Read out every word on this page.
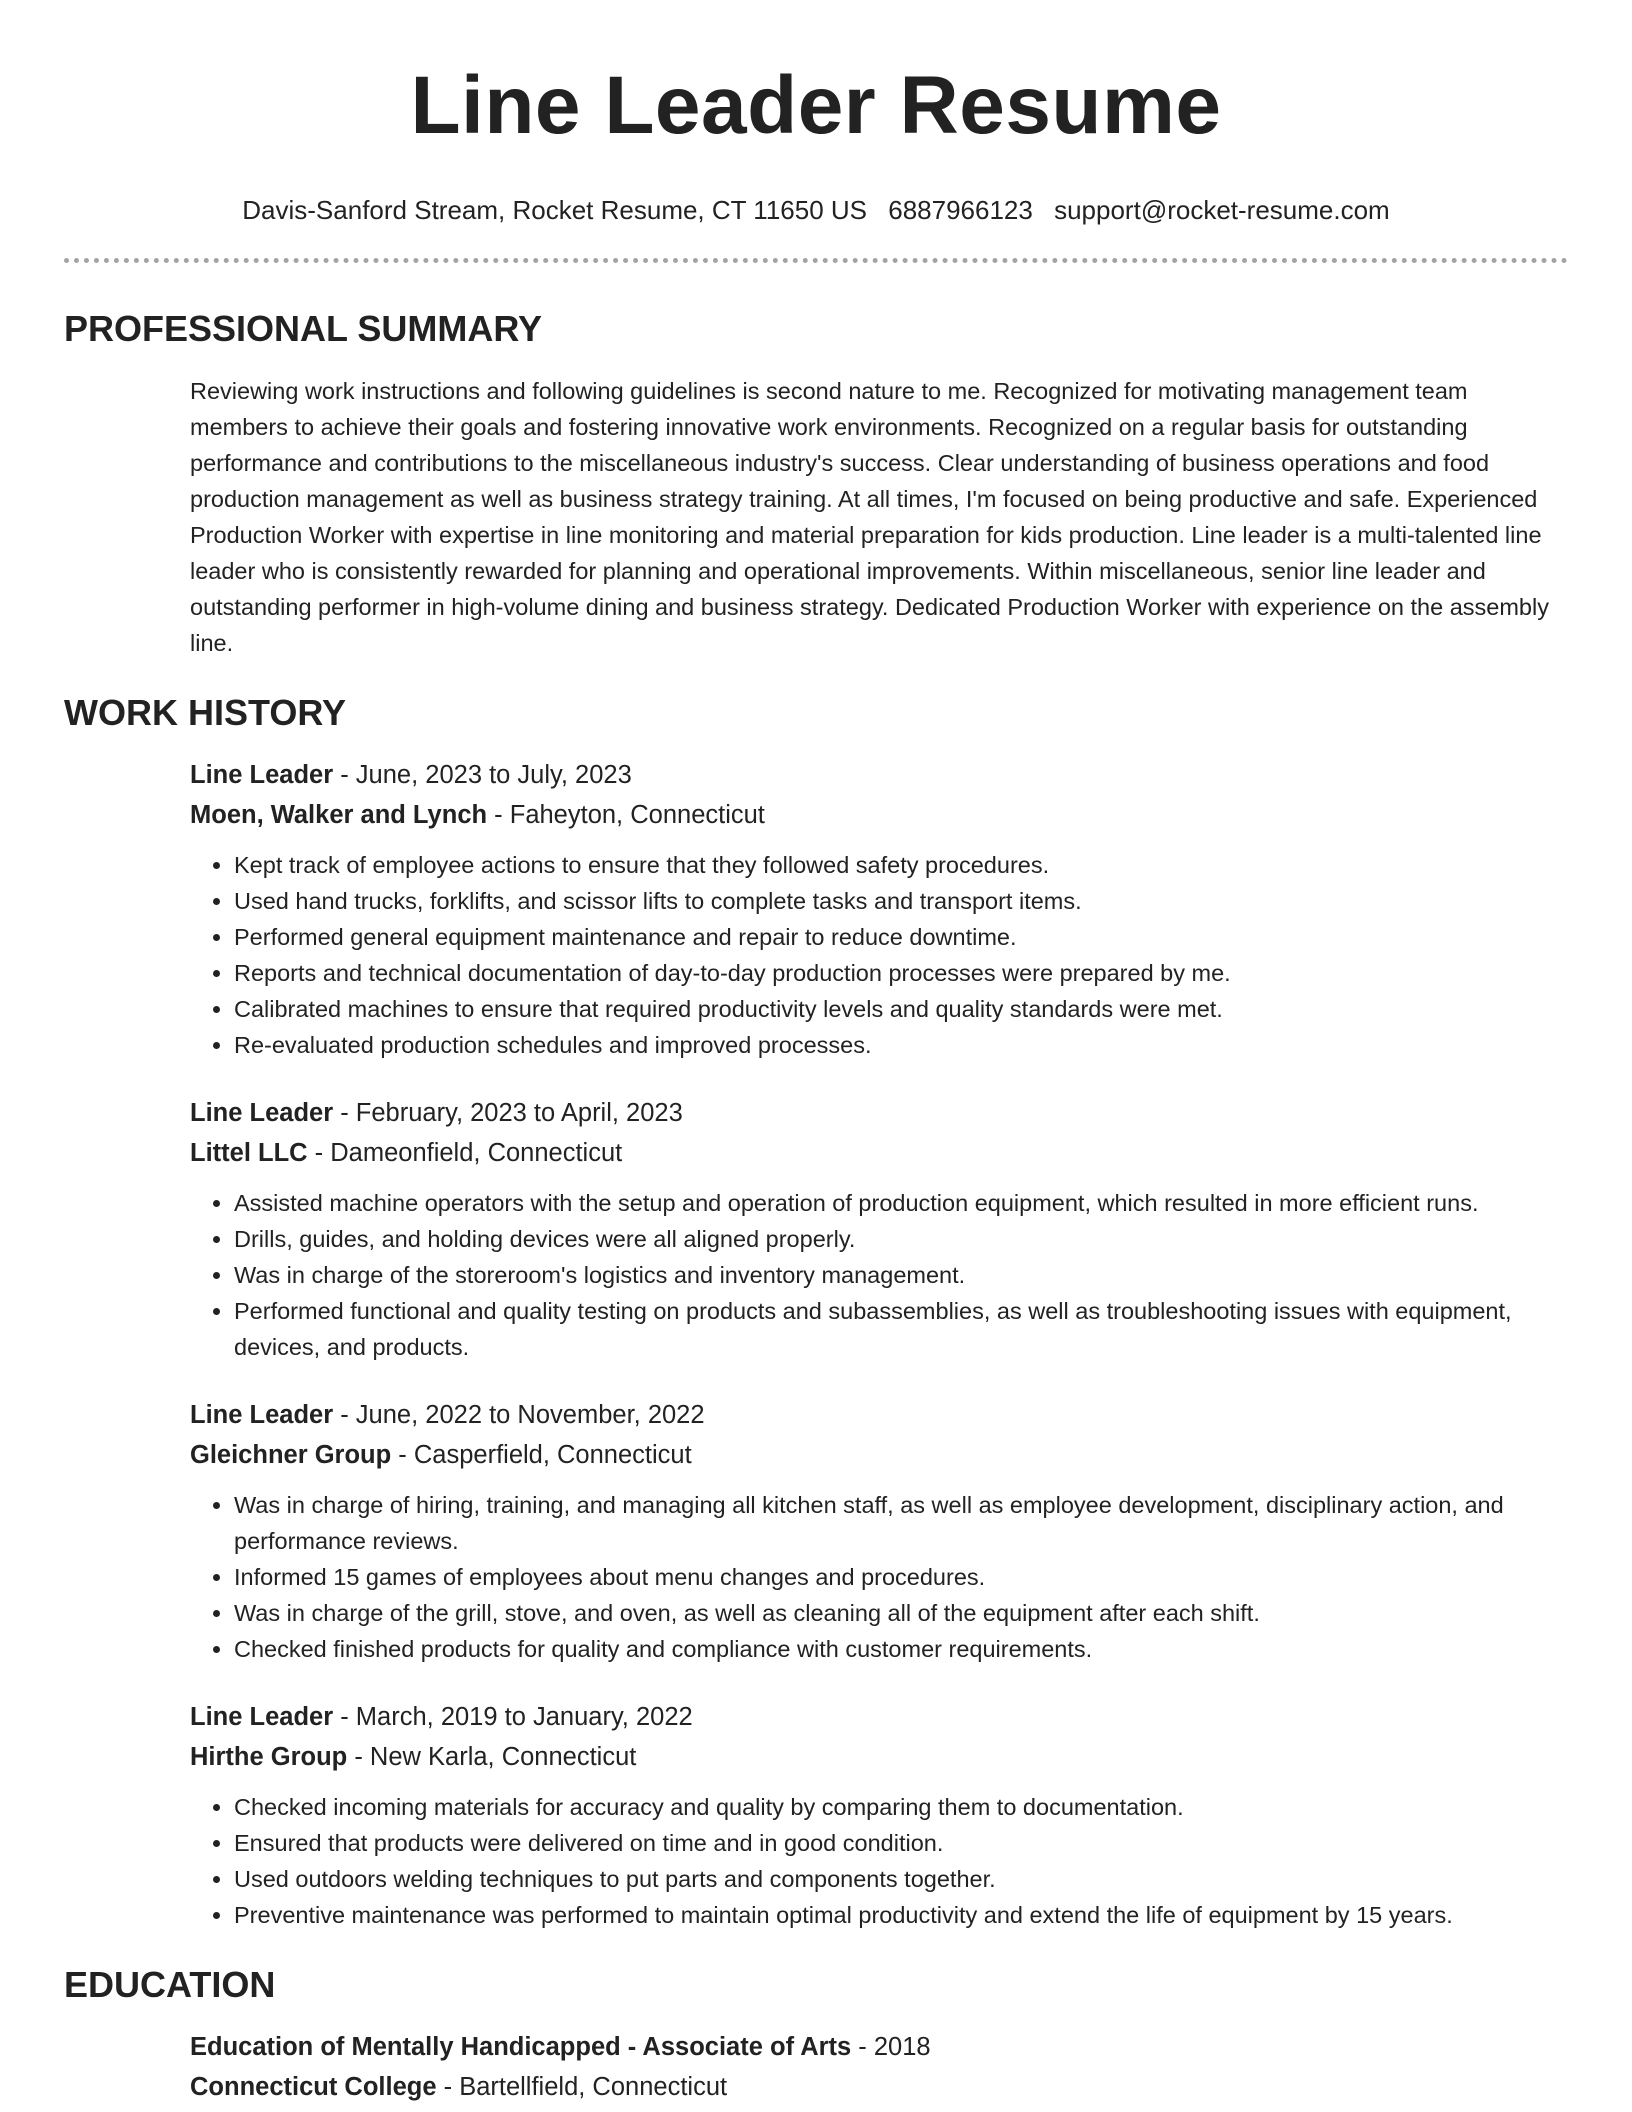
Line Leader Resume
Davis-Sanford Stream, Rocket Resume, CT 11650 US 6887966123 support@rocket-resume.com
PROFESSIONAL SUMMARY
Reviewing work instructions and following guidelines is second nature to me. Recognized for motivating management team members to achieve their goals and fostering innovative work environments. Recognized on a regular basis for outstanding performance and contributions to the miscellaneous industry's success. Clear understanding of business operations and food production management as well as business strategy training. At all times, I'm focused on being productive and safe. Experienced Production Worker with expertise in line monitoring and material preparation for kids production. Line leader is a multi-talented line leader who is consistently rewarded for planning and operational improvements. Within miscellaneous, senior line leader and outstanding performer in high-volume dining and business strategy. Dedicated Production Worker with experience on the assembly line.
WORK HISTORY
Line Leader - June, 2023 to July, 2023
Moen, Walker and Lynch - Faheyton, Connecticut
• Kept track of employee actions to ensure that they followed safety procedures.
• Used hand trucks, forklifts, and scissor lifts to complete tasks and transport items.
• Performed general equipment maintenance and repair to reduce downtime.
• Reports and technical documentation of day-to-day production processes were prepared by me.
• Calibrated machines to ensure that required productivity levels and quality standards were met.
• Re-evaluated production schedules and improved processes.
Line Leader - February, 2023 to April, 2023
Littel LLC - Dameonfield, Connecticut
• Assisted machine operators with the setup and operation of production equipment, which resulted in more efficient runs.
• Drills, guides, and holding devices were all aligned properly.
• Was in charge of the storeroom's logistics and inventory management.
• Performed functional and quality testing on products and subassemblies, as well as troubleshooting issues with equipment, devices, and products.
Line Leader - June, 2022 to November, 2022
Gleichner Group - Casperfield, Connecticut
• Was in charge of hiring, training, and managing all kitchen staff, as well as employee development, disciplinary action, and performance reviews.
• Informed 15 games of employees about menu changes and procedures.
• Was in charge of the grill, stove, and oven, as well as cleaning all of the equipment after each shift.
• Checked finished products for quality and compliance with customer requirements.
Line Leader - March, 2019 to January, 2022
Hirthe Group - New Karla, Connecticut
• Checked incoming materials for accuracy and quality by comparing them to documentation.
• Ensured that products were delivered on time and in good condition.
• Used outdoors welding techniques to put parts and components together.
• Preventive maintenance was performed to maintain optimal productivity and extend the life of equipment by 15 years.
EDUCATION
Education of Mentally Handicapped - Associate of Arts - 2018
Connecticut College - Bartellfield, Connecticut
